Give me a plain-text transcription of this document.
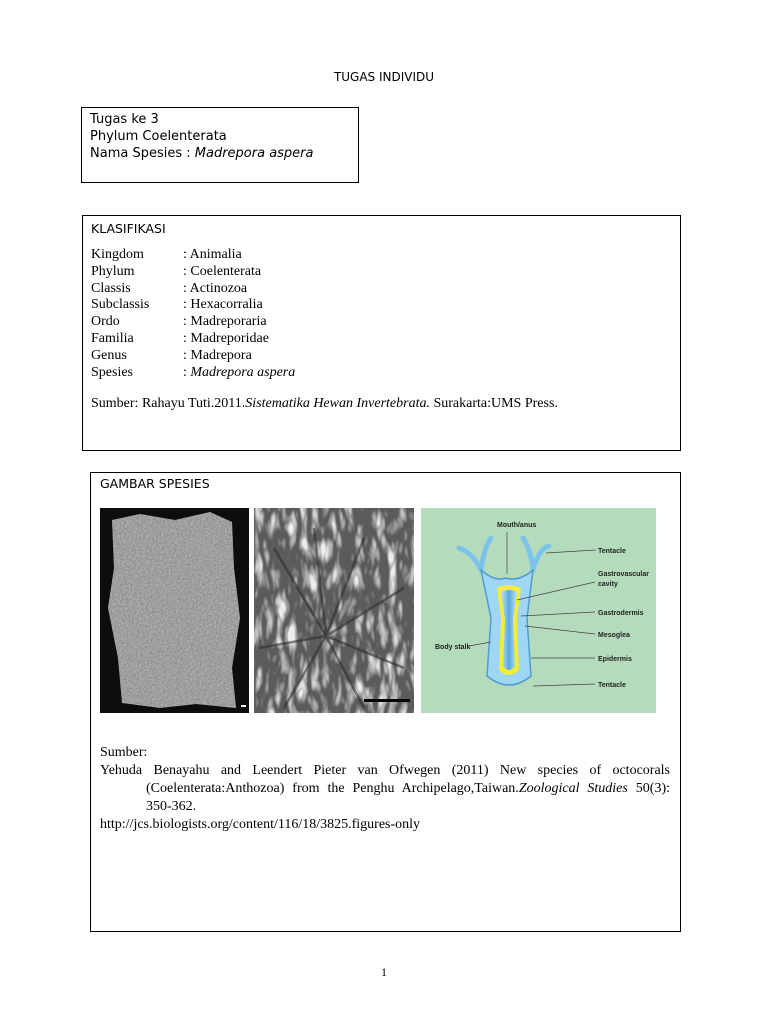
TUGAS INDIVIDU
Tugas ke 3
Phylum Coelenterata
Nama Spesies : Madrepora aspera
KLASIFIKASI
Kingdom	: Animalia
Phylum	: Coelenterata
Classis	: Actinozoa
Subclassis : Hexacorralia
Ordo	: Madreporaria
Familia	: Madreporidae
Genus	: Madrepora
Spesies	: Madrepora aspera
Sumber: Rahayu Tuti.2011.Sistematika Hewan Invertebrata. Surakarta:UMS Press.
GAMBAR SPESIES
Mouth/anus
Tentacle
Gastrovascular
cavity
Gastrodermis
Mesoglea
Body stalk
Epidermis
Tentacle
Sumber:
Yehuda Benayahu and Leendert Pieter van Ofwegen (2011) New species of octocorals (Coelenterata:Anthozoa) from the Penghu Archipelago,Taiwan.Zoological Studies 50(3): 350-362.
http://jcs.biologists.org/content/116/18/3825.figures-only
1
